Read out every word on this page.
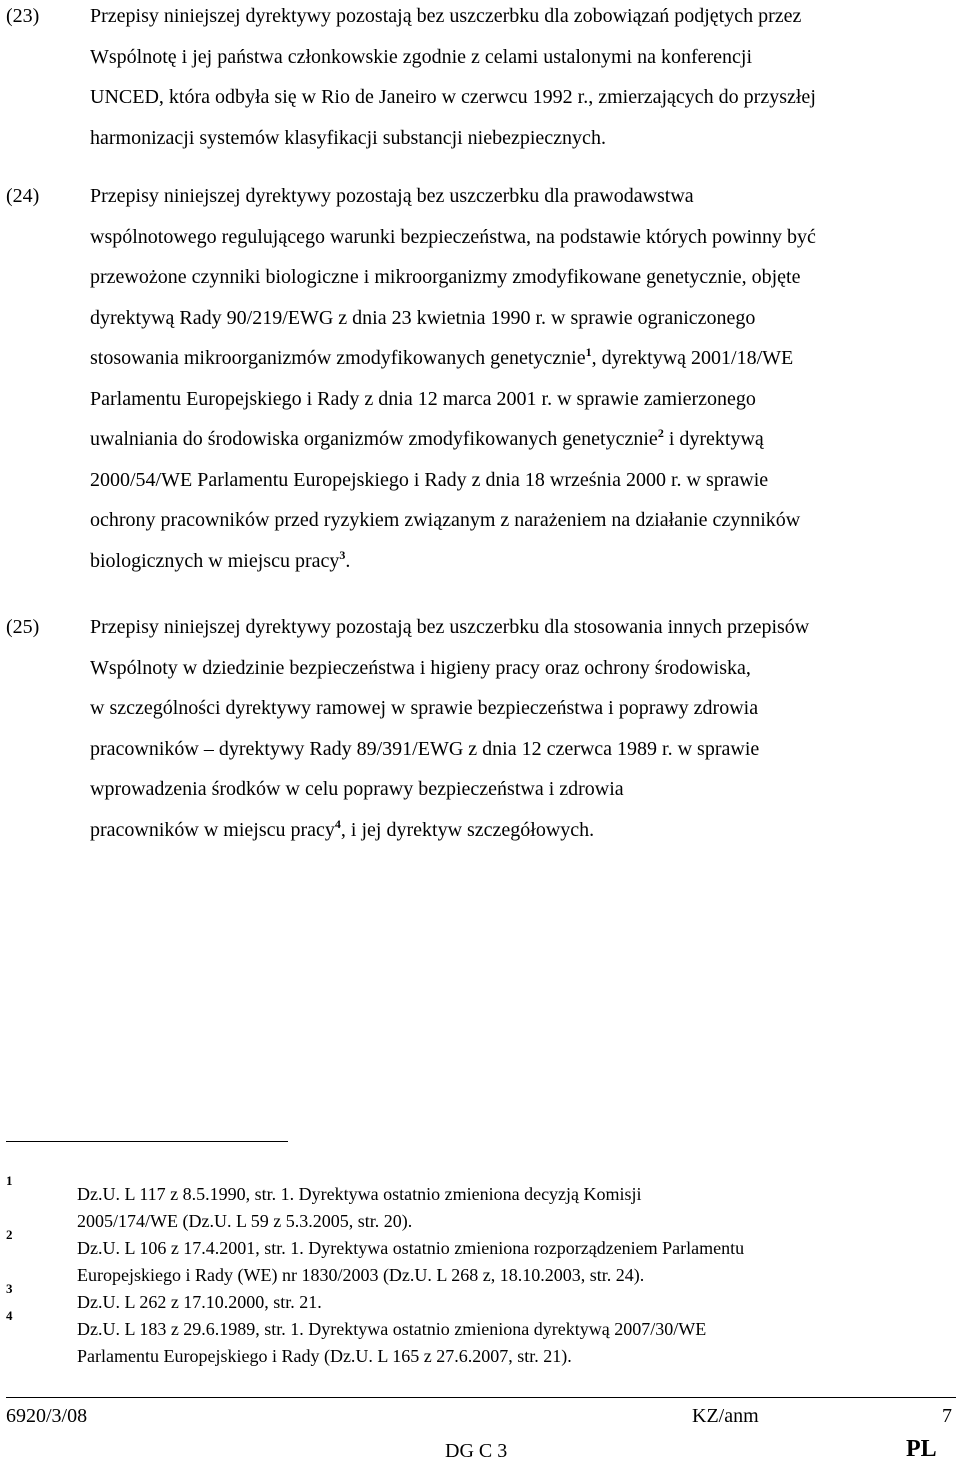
(23)	Przepisy niniejszej dyrektywy pozostają bez uszczerbku dla zobowiązań podjętych przez
Wspólnotę i jej państwa członkowskie zgodnie z celami ustalonymi na konferencji
UNCED, która odbyła się w Rio de Janeiro w czerwcu 1992 r., zmierzających do przyszłej
harmonizacji systemów klasyfikacji substancji niebezpiecznych.
(24)	Przepisy niniejszej dyrektywy pozostają bez uszczerbku dla prawodawstwa
wspólnotowego regulującego warunki bezpieczeństwa, na podstawie których powinny być
przewożone czynniki biologiczne i mikroorganizmy zmodyfikowane genetycznie, objęte
dyrektywą Rady 90/219/EWG z dnia 23 kwietnia 1990 r. w sprawie ograniczonego
stosowania mikroorganizmów zmodyfikowanych genetycznie$^1$, dyrektywą 2001/18/WE
Parlamentu Europejskiego i Rady z dnia 12 marca 2001 r. w sprawie zamierzonego
uwalniania do środowiska organizmów zmodyfikowanych genetycznie$^2$ i dyrektywą
2000/54/WE Parlamentu Europejskiego i Rady z dnia 18 września 2000 r. w sprawie
ochrony pracowników przed ryzykiem związanym z narażeniem na działanie czynników
biologicznych w miejscu pracy$^3$.
(25)	Przepisy niniejszej dyrektywy pozostają bez uszczerbku dla stosowania innych przepisów
Wspólnoty w dziedzinie bezpieczeństwa i higieny pracy oraz ochrony środowiska,
w szczególności dyrektywy ramowej w sprawie bezpieczeństwa i poprawy zdrowia
pracowników – dyrektywy Rady 89/391/EWG z dnia 12 czerwca 1989 r. w sprawie
wprowadzenia środków w celu poprawy bezpieczeństwa i zdrowia
pracowników w miejscu pracy$^4$, i jej dyrektyw szczegółowych.
1
Dz.U. L 117 z 8.5.1990, str. 1. Dyrektywa ostatnio zmieniona decyzją Komisji
2005/174/WE (Dz.U. L 59 z 5.3.2005, str. 20).
2
Dz.U. L 106 z 17.4.2001, str. 1. Dyrektywa ostatnio zmieniona rozporządzeniem Parlamentu
Europejskiego i Rady (WE) nr 1830/2003 (Dz.U. L 268 z, 18.10.2003, str. 24).
3
Dz.U. L 262 z 17.10.2000, str. 21.
4
Dz.U. L 183 z 29.6.1989, str. 1. Dyrektywa ostatnio zmieniona dyrektywą 2007/30/WE
Parlamentu Europejskiego i Rady (Dz.U. L 165 z 27.6.2007, str. 21).
6920/3/08	KZ/anm	7
DG C 3	PL
